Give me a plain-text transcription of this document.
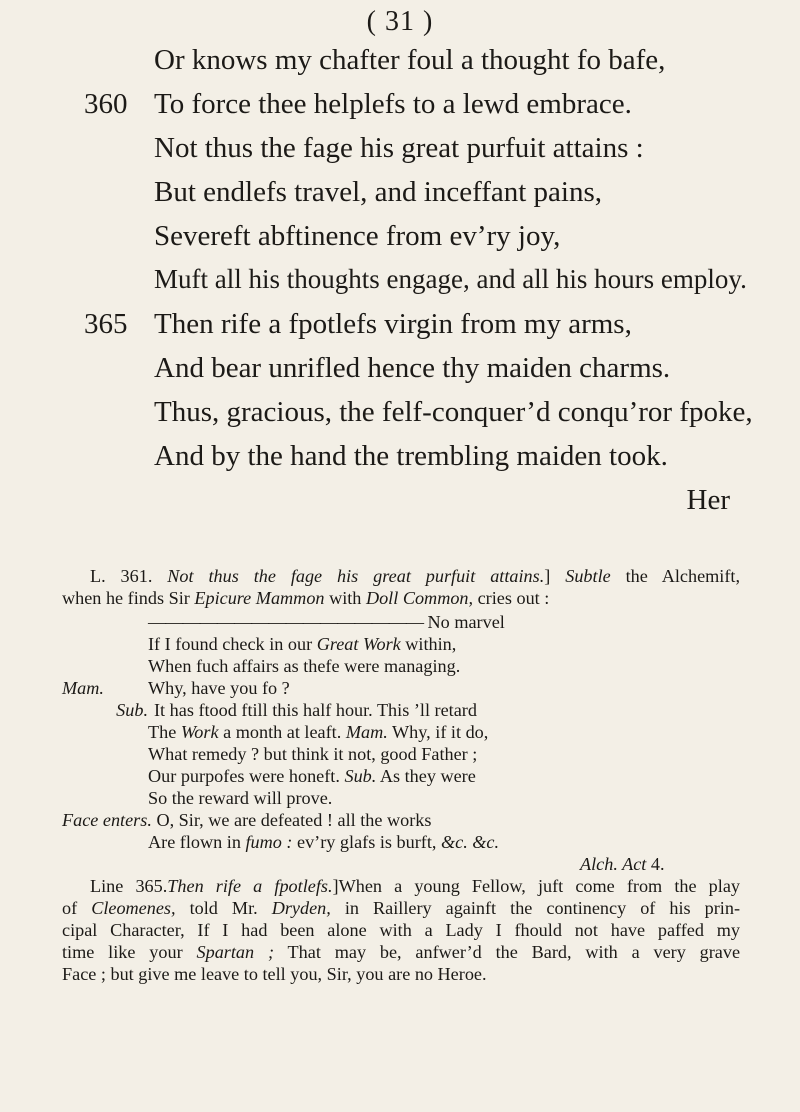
( 31 )
Or knows my chafter foul a thought fo bafe,
360 To force thee helplefs to a lewd embrace.
Not thus the fage his great purfuit attains :
But endlefs travel, and inceffant pains,
Severeft abftinence from ev’ry joy,
Muft all his thoughts engage, and all his hours employ.
365 Then rife a fpotlefs virgin from my arms,
And bear unrifled hence thy maiden charms.
Thus, gracious, the felf-conquer’d conqu’ror fpoke,
And by the hand the trembling maiden took.
Her
L. 361. Not thus the fage his great purfuit attains.] Subtle the Alchemift,
when he finds Sir Epicure Mammon with Doll Common, cries out :
———————————————— No marvel
If I found check in our Great Work within,
When fuch affairs as thefe were managing.
Mam. Why, have you fo ?
Sub. It has ftood ftill this half hour. This ’ll retard
The Work a month at leaft. Mam. Why, if it do,
What remedy ? but think it not, good Father ;
Our purpofes were honeft. Sub. As they were
So the reward will prove.
Face enters. O, Sir, we are defeated ! all the works
Are flown in fumo : ev’ry glafs is burft, &c. &c.
Alch. Act 4.
Line 365.Then rife a fpotlefs.]When a young Fellow, juft come from the play
of Cleomenes, told Mr. Dryden, in Raillery againft the continency of his prin-
cipal Character, If I had been alone with a Lady I fhould not have paffed my
time like your Spartan ; That may be, anfwer’d the Bard, with a very grave
Face ; but give me leave to tell you, Sir, you are no Heroe.
